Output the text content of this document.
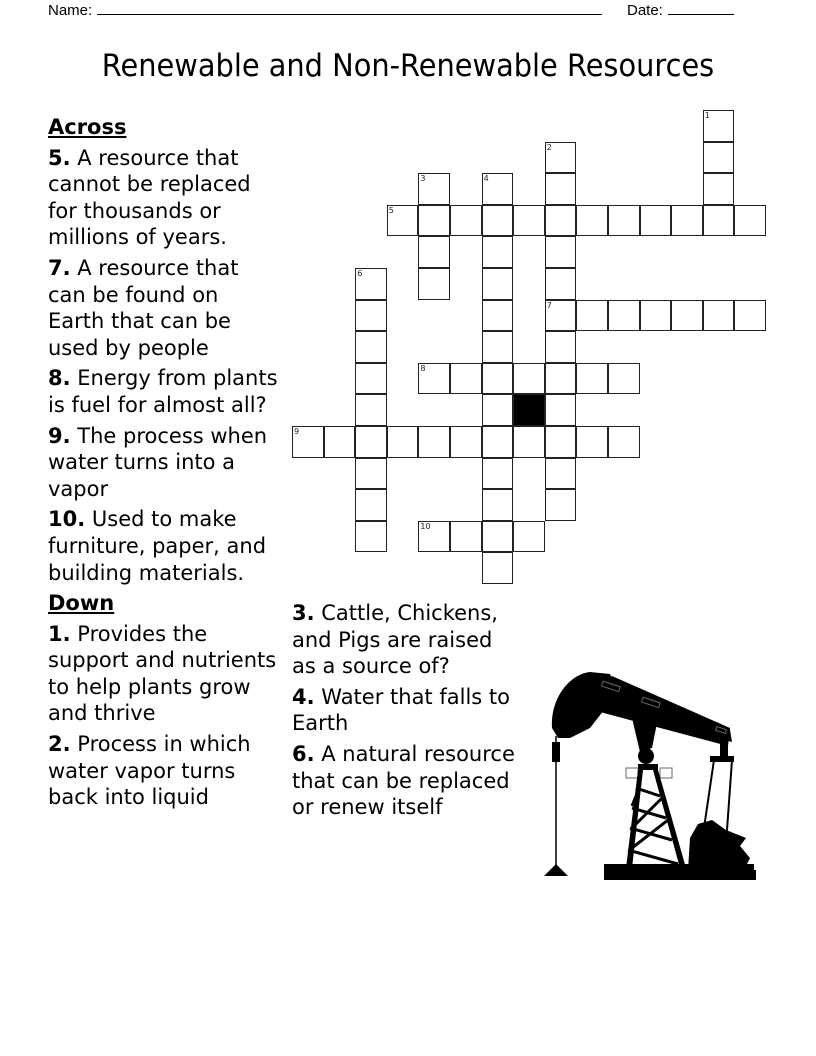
Name:	Date:
Renewable and Non-Renewable Resources
Across
5. A resource that cannot be replaced for thousands or millions of years.
7. A resource that can be found on Earth that can be used by people
8. Energy from plants is fuel for almost all?
9. The process when water turns into a vapor
10. Used to make furniture, paper, and building materials.
Down
1. Provides the support and nutrients to help plants grow and thrive
2. Process in which water vapor turns back into liquid
3. Cattle, Chickens, and Pigs are raised as a source of?
4. Water that falls to Earth
6. A natural resource that can be replaced or renew itself
1
2
7
3	4
5
6
8
9
10
